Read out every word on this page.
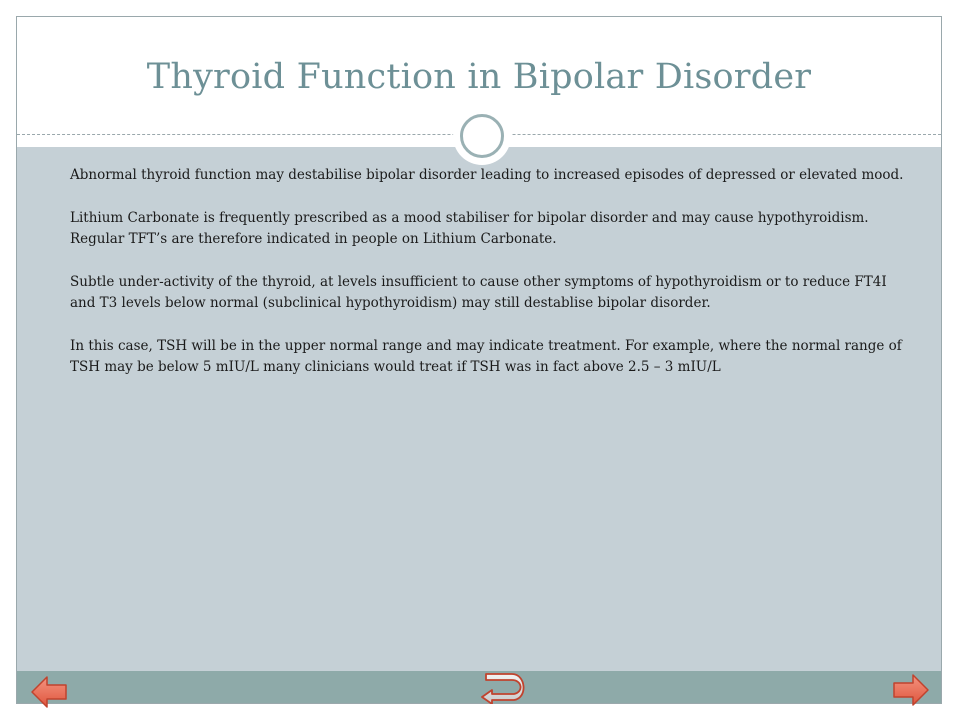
Thyroid Function in Bipolar Disorder

Abnormal thyroid function may destabilise bipolar disorder leading to increased episodes of depressed or elevated mood.

Lithium Carbonate is frequently prescribed as a mood stabiliser for bipolar disorder and may cause hypothyroidism. Regular TFT’s are therefore indicated in people on Lithium Carbonate.

Subtle under-activity of the thyroid, at levels insufficient to cause other symptoms of hypothyroidism or to reduce FT4I and T3 levels below normal (subclinical hypothyroidism) may still destablise bipolar disorder.

In this case, TSH will be in the upper normal range and may indicate treatment. For example, where the normal range of TSH may be below 5 mIU/L many clinicians would treat if TSH was in fact above 2.5 – 3 mIU/L
